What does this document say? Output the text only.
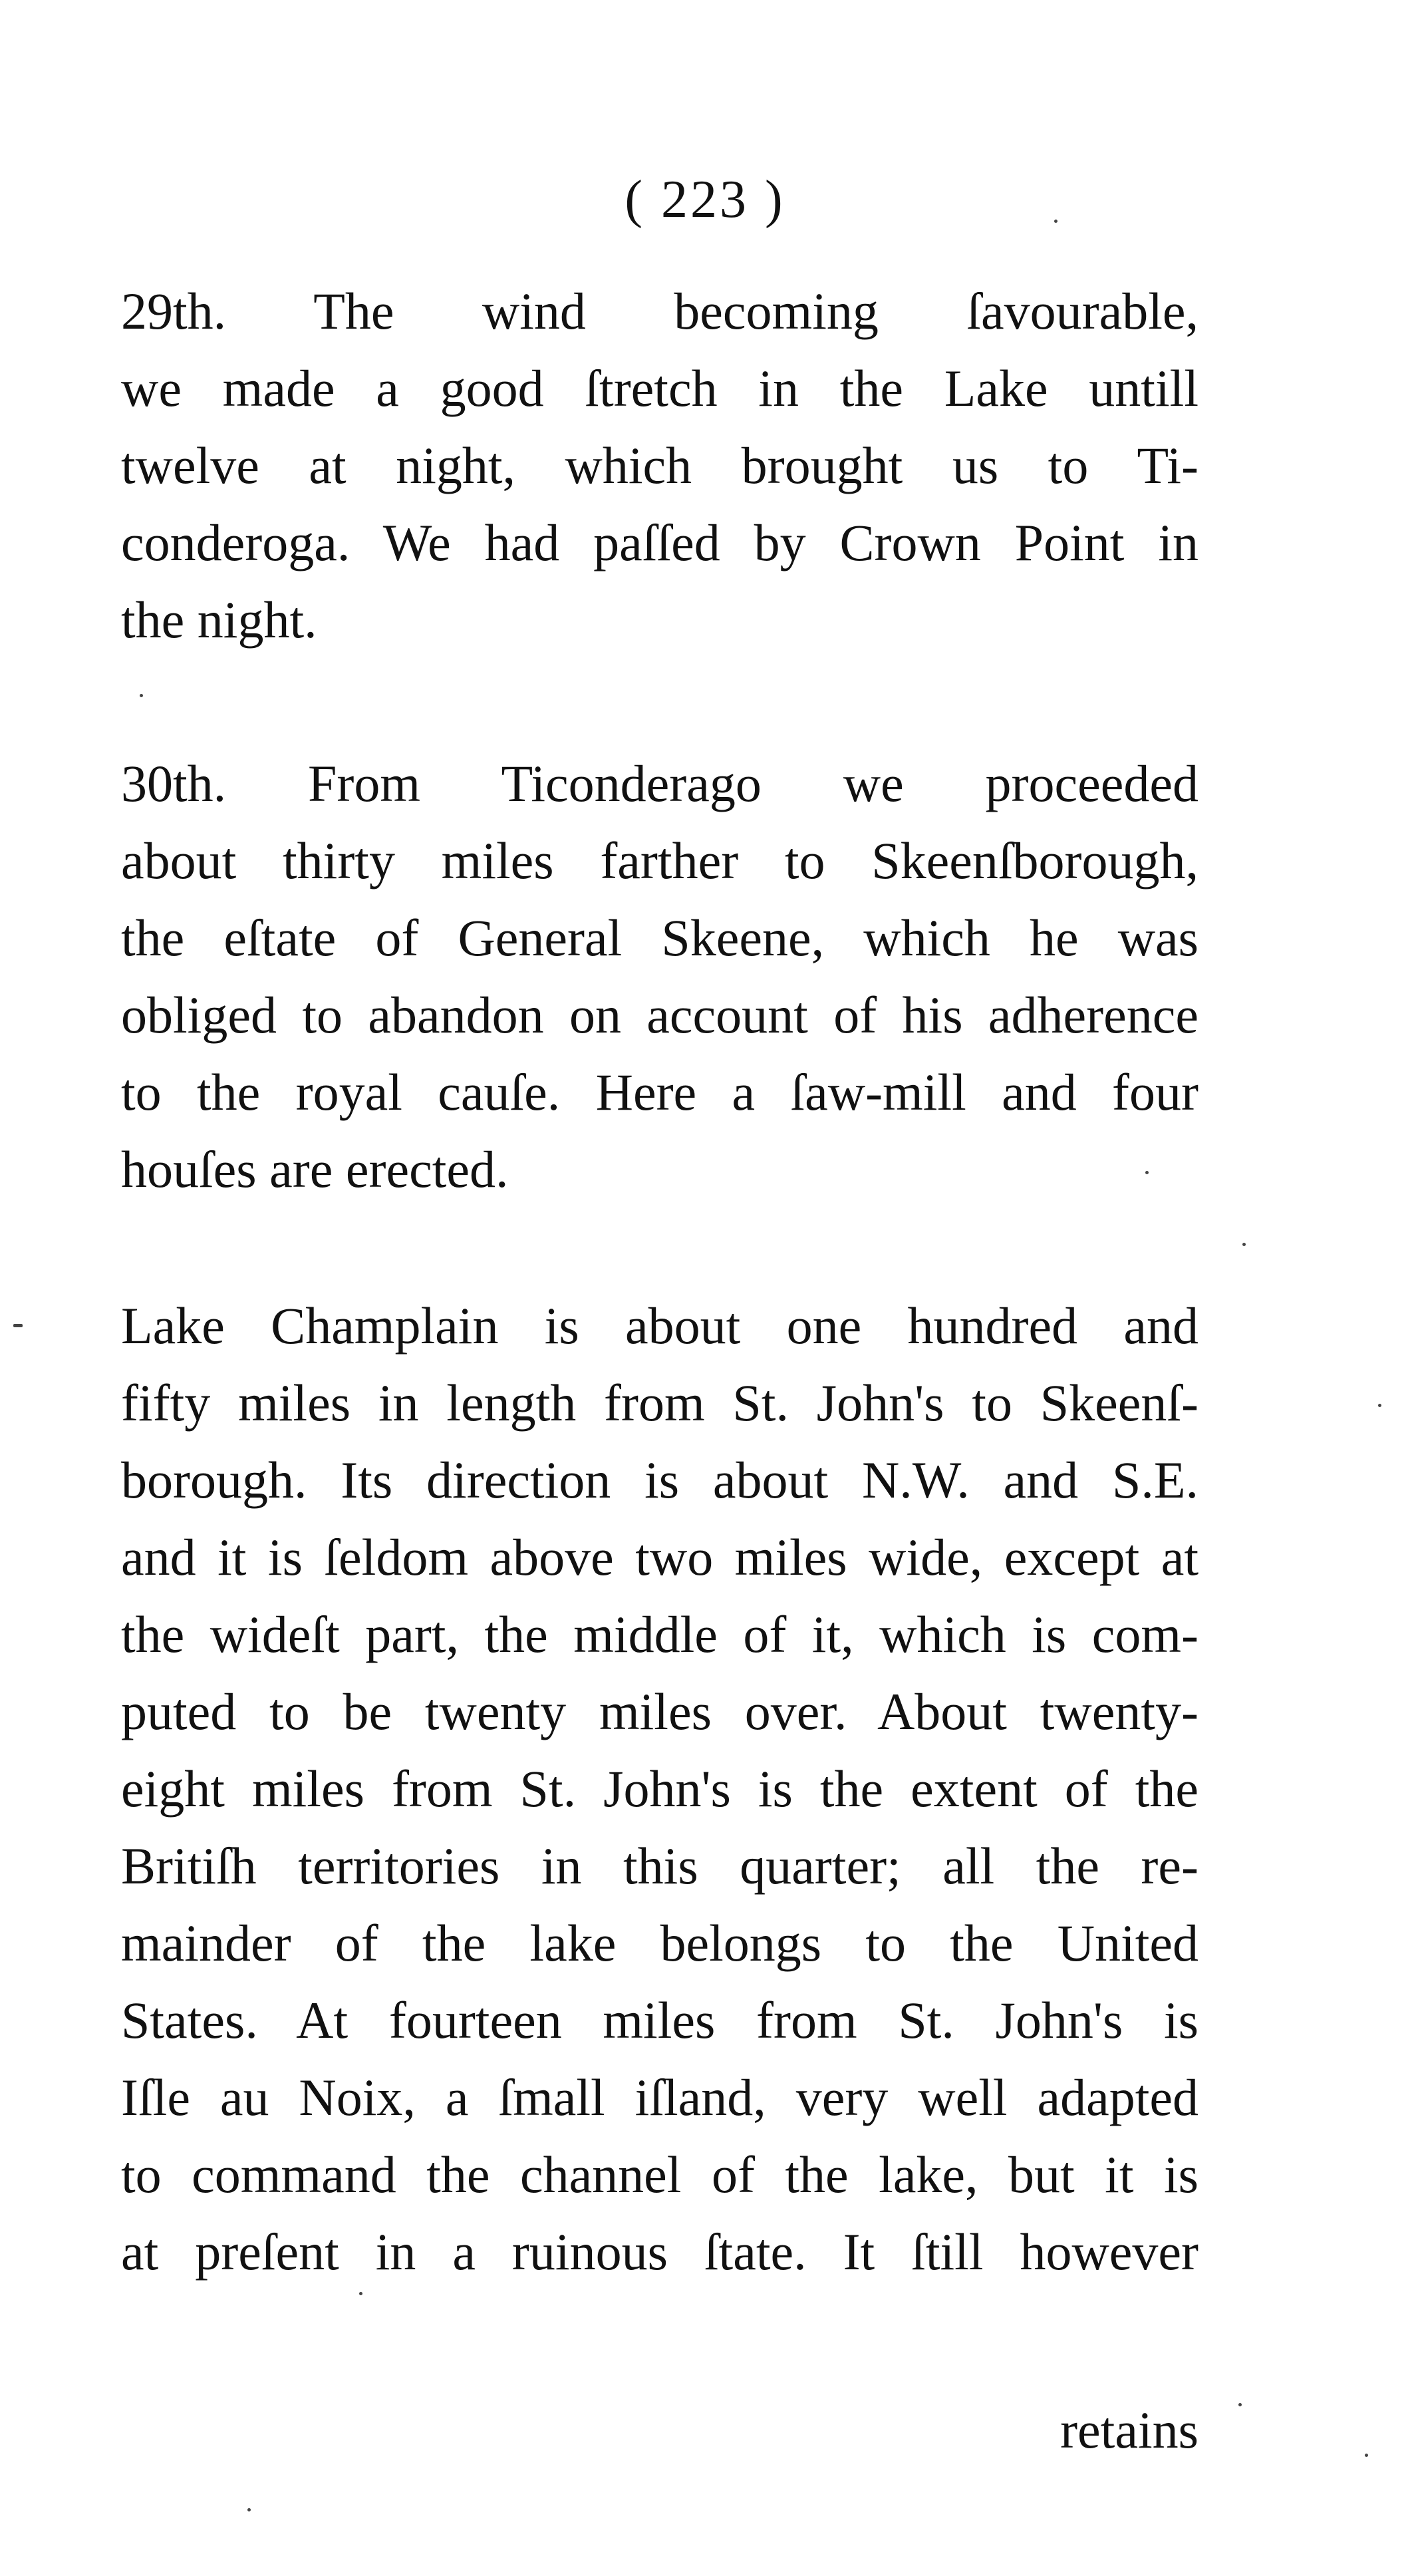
( 223 )
29th. The wind becoming ſavourable,
we made a good ſtretch in the Lake untill
twelve at night, which brought us to Ti-
conderoga. We had paſſed by Crown Point in
the night.
30th. From Ticonderago we proceeded
about thirty miles farther to Skeenſborough,
the eſtate of General Skeene, which he was
obliged to abandon on account of his adherence
to the royal cauſe. Here a ſaw-mill and four
houſes are erected.
Lake Champlain is about one hundred and
fifty miles in length from St. John's to Skeenſ-
borough. Its direction is about N.W. and S.E.
and it is ſeldom above two miles wide, except at
the wideſt part, the middle of it, which is com-
puted to be twenty miles over. About twenty-
eight miles from St. John's is the extent of the
Britiſh territories in this quarter; all the re-
mainder of the lake belongs to the United
States. At fourteen miles from St. John's is
Iſle au Noix, a ſmall iſland, very well adapted
to command the channel of the lake, but it is
at preſent in a ruinous ſtate. It ſtill however
retains
